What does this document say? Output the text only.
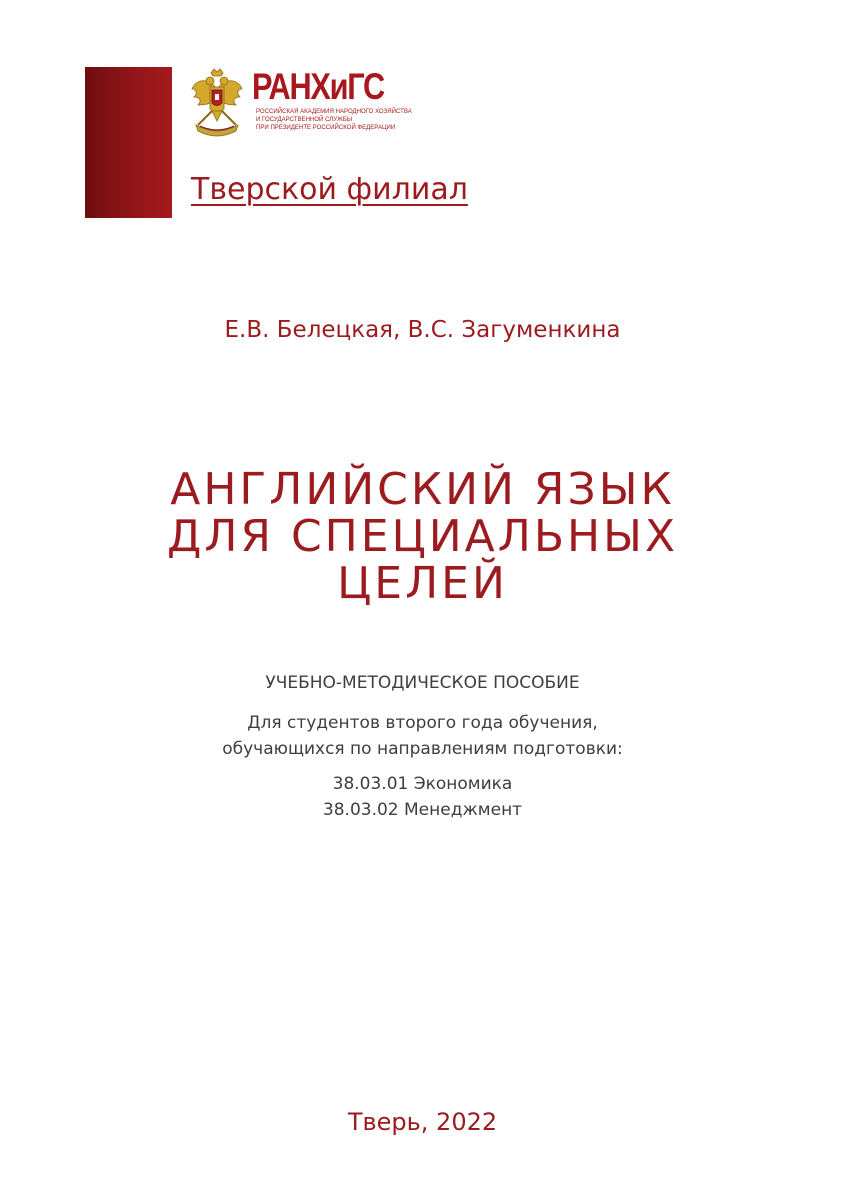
РАНХиГС
РОССИЙСКАЯ АКАДЕМИЯ НАРОДНОГО ХОЗЯЙСТВА
И ГОСУДАРСТВЕННОЙ СЛУЖБЫ
ПРИ ПРЕЗИДЕНТЕ РОССИЙСКОЙ ФЕДЕРАЦИИ
Тверской филиал
Е.В. Белецкая, В.С. Загуменкина
АНГЛИЙСКИЙ ЯЗЫК
ДЛЯ СПЕЦИАЛЬНЫХ
ЦЕЛЕЙ
УЧЕБНО-МЕТОДИЧЕСКОЕ ПОСОБИЕ
Для студентов второго года обучения,
обучающихся по направлениям подготовки:
38.03.01 Экономика
38.03.02 Менеджмент
Тверь, 2022
